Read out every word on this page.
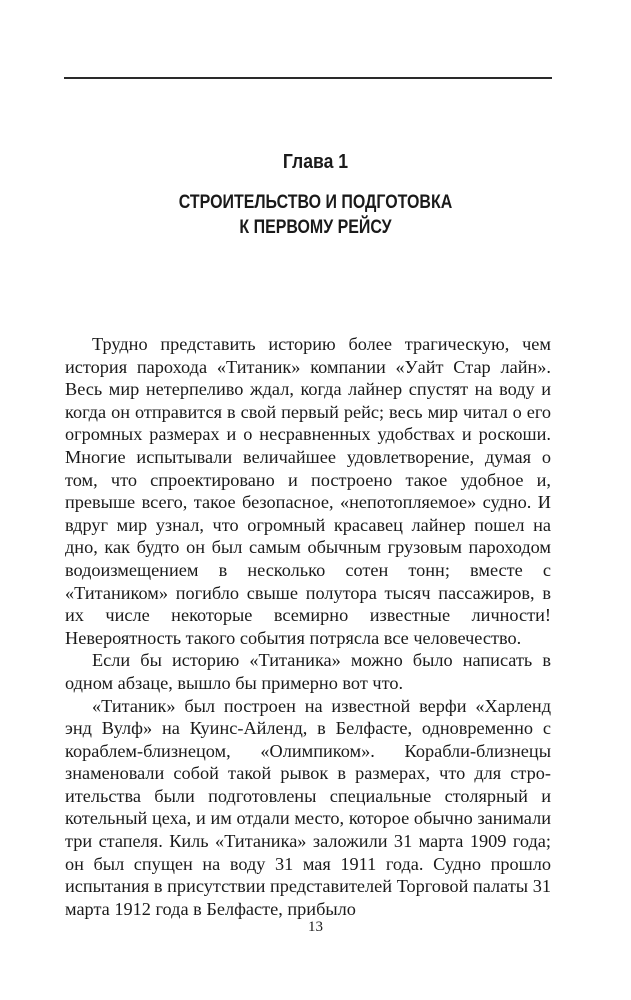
Глава 1
СТРОИТЕЛЬСТВО И ПОДГОТОВКА
К ПЕРВОМУ РЕЙСУ

Трудно представить историю более трагическую, чем история парохода «Титаник» компании «Уайт Стар лайн». Весь мир нетерпеливо ждал, когда лайнер спустят на воду и когда он отправится в свой первый рейс; весь мир читал о его огромных размерах и о несравненных удобствах и роскоши. Многие испытывали величайшее удовлетворение, думая о том, что спроектировано и построено такое удобное и, превыше всего, такое безопасное, «непотопляемое» судно. И вдруг мир узнал, что огромный красавец лайнер пошел на дно, как будто он был самым обычным грузовым пароходом водоизмещением в несколько сотен тонн; вместе с «Титаником» погибло свыше полутора тысяч пассажиров, в их числе некоторые всемирно известные личности! Невероятность такого события потрясла все человечество.

Если бы историю «Титаника» можно было написать в одном абзаце, вышло бы примерно вот что.

«Титаник» был построен на известной верфи «Харленд энд Вулф» на Куинс-Айленд, в Белфасте, одновременно с кораблем-близнецом, «Олимпиком». Корабли-близнецы знаменовали собой такой рывок в размерах, что для строительства были подготовлены специальные столярный и котельный цеха, и им отдали место, которое обычно занимали три стапеля. Киль «Титаника» заложили 31 марта 1909 года; он был спущен на воду 31 мая 1911 года. Судно прошло испытания в присутствии представителей Торговой палаты 31 марта 1912 года в Белфасте, прибыло

13
